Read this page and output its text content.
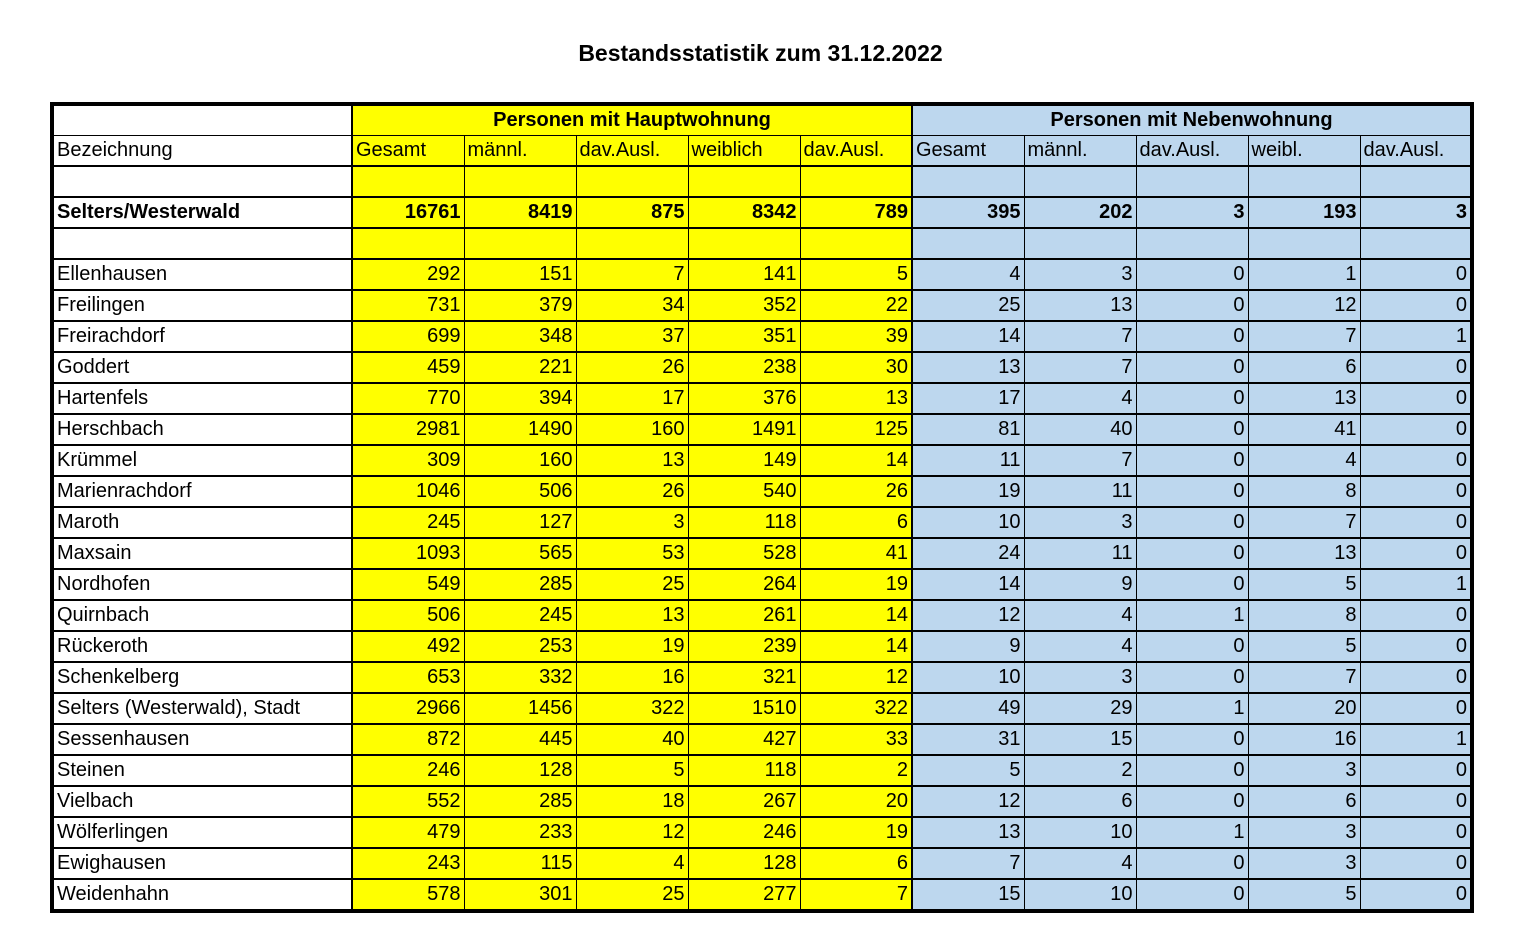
Bestandsstatistik zum 31.12.2022
	Personen mit Hauptwohnung					Personen mit Nebenwohnung				
Bezeichnung	Gesamt	männl.	dav.Ausl.	weiblich	dav.Ausl.	Gesamt	männl.	dav.Ausl.	weibl.	dav.Ausl.

Selters/Westerwald	16761	8419	875	8342	789	395	202	3	193	3

Ellenhausen	292	151	7	141	5	4	3	0	1	0
Freilingen	731	379	34	352	22	25	13	0	12	0
Freirachdorf	699	348	37	351	39	14	7	0	7	1
Goddert	459	221	26	238	30	13	7	0	6	0
Hartenfels	770	394	17	376	13	17	4	0	13	0
Herschbach	2981	1490	160	1491	125	81	40	0	41	0
Krümmel	309	160	13	149	14	11	7	0	4	0
Marienrachdorf	1046	506	26	540	26	19	11	0	8	0
Maroth	245	127	3	118	6	10	3	0	7	0
Maxsain	1093	565	53	528	41	24	11	0	13	0
Nordhofen	549	285	25	264	19	14	9	0	5	1
Quirnbach	506	245	13	261	14	12	4	1	8	0
Rückeroth	492	253	19	239	14	9	4	0	5	0
Schenkelberg	653	332	16	321	12	10	3	0	7	0
Selters (Westerwald), Stadt	2966	1456	322	1510	322	49	29	1	20	0
Sessenhausen	872	445	40	427	33	31	15	0	16	1
Steinen	246	128	5	118	2	5	2	0	3	0
Vielbach	552	285	18	267	20	12	6	0	6	0
Wölferlingen	479	233	12	246	19	13	10	1	3	0
Ewighausen	243	115	4	128	6	7	4	0	3	0
Weidenhahn	578	301	25	277	7	15	10	0	5	0
